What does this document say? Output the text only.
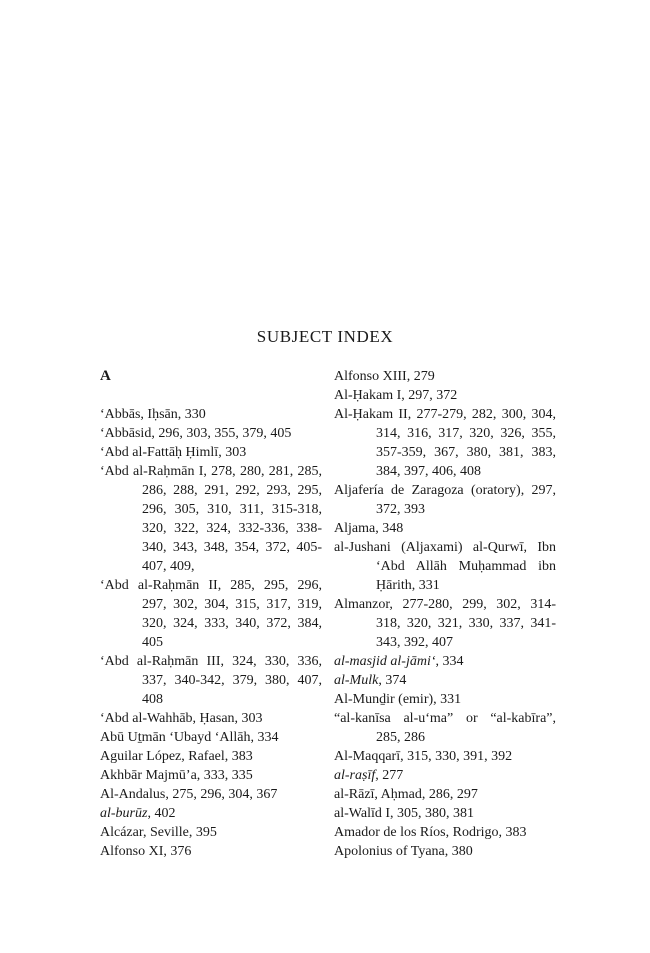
SUBJECT INDEX
A
‘Abbās, Iḥsān, 330
‘Abbāsid, 296, 303, 355, 379, 405
‘Abd al-Fattāḥ Ḥimlī, 303
‘Abd al-Raḥmān I, 278, 280, 281, 285, 286, 288, 291, 292, 293, 295, 296, 305, 310, 311, 315-318, 320, 322, 324, 332-336, 338-340, 343, 348, 354, 372, 405-407, 409,
‘Abd al-Raḥmān II, 285, 295, 296, 297, 302, 304, 315, 317, 319, 320, 324, 333, 340, 372, 384, 405
‘Abd al-Raḥmān III, 324, 330, 336, 337, 340-342, 379, 380, 407, 408
‘Abd al-Wahhāb, Ḥasan, 303
Abū Uṯmān ‘Ubayd ‘Allāh, 334
Aguilar López, Rafael, 383
Akhbār Majmū’a, 333, 335
Al-Andalus, 275, 296, 304, 367
al-burūz, 402
Alcázar, Seville, 395
Alfonso XI, 376
Alfonso XIII, 279
Al-Ḥakam I, 297, 372
Al-Ḥakam II, 277-279, 282, 300, 304, 314, 316, 317, 320, 326, 355, 357-359, 367, 380, 381, 383, 384, 397, 406, 408
Aljafería de Zaragoza (oratory), 297, 372, 393
Aljama, 348
al-Jushani (Aljaxami) al-Qurwī, Ibn ‘Abd Allāh Muḥammad ibn Ḥārith, 331
Almanzor, 277-280, 299, 302, 314-318, 320, 321, 330, 337, 341-343, 392, 407
al-masjid al-jāmi‘, 334
al-Mulk, 374
Al-Munḏir (emir), 331
“al-kanīsa al-u‘ma” or “al-kabīra”, 285, 286
Al-Maqqarī, 315, 330, 391, 392
al-raṣīf, 277
al-Rāzī, Aḥmad, 286, 297
al-Walīd I, 305, 380, 381
Amador de los Ríos, Rodrigo, 383
Apolonius of Tyana, 380
